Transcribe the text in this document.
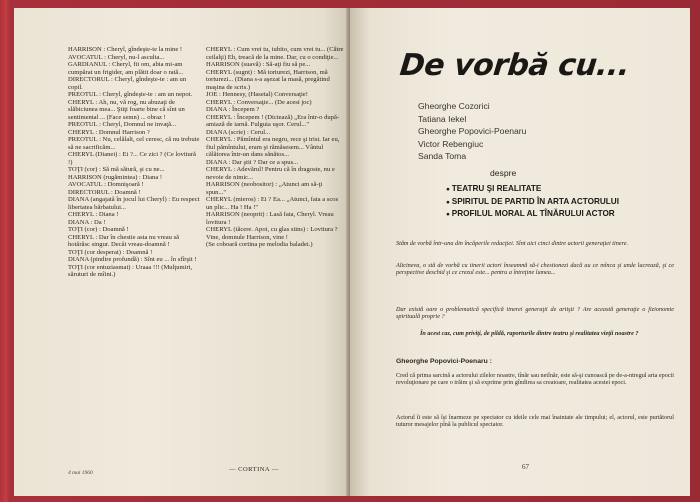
HARRISON : Cheryl, gîndeşte-te la mine !

AVOCATUL : Cheryl, nu-l asculta...

GARDIANUL : Cheryl, fii om, abia mi-am cumpărat un frigider, am plătit doar o rată...

DIRECTORUL : Cheryl, gîndeşte-te : am un copil.

PREOTUL : Cheryl, gîndeşte-te : am un nepot.

CHERYL : Ah, nu, vă rog, nu abuzaţi de slăbiciunea mea... Ştiţi foarte bine că sînt un sentimental ... (Face semn) ... obraz !

PREOTUL : Cheryl, Domnul ne invaţă...

CHERYL : Domnul Harrison ?

PREOTUL : Nu, celălalt, cel ceresc, că nu trebuie să ne sacrificăm...

CHERYL (Dianei) : Ei ?... Ce zici ? (Ce lovitură !)

TOŢI (cor) : Să mă sătură, şi cu ne...

HARRISON (rugămintea) : Diana !

AVOCATUL : Domnişoară !

DIRECTORUL : Doamnă !

DIANA (angajată în jocul lui Cheryl) : Eu respect libertatea bărbatului...

CHERYL : Diana !

DIANA : Da !

TOŢI (cor) : Doamnă !

CHERYL : Dar în chestie asta nu vreau să hotărăsc singur. Decât vreau-doamnă !

TOŢI (cor desperat) : Doamnă !

DIANA (pindire profundă) : Sînt eu ... în sfîrşit !

TOŢI (cor entuziasmat) : Uraaa !!! (Mulţumiri, săruturi de mîini.)

CHERYL : Cum vrei tu, iubito, cum vrei tu... (Către ceilalţi) Eh, treacă de la mine. Dar, cu o condiţie...

HARRISON (suavă) : Să-aţi fiu să pe...

CHERYL (sugnt) : Mă torturezi, Harrison, mă torturezi... (Diana s-a aşezat la masă, pregătind maşina de scris.)

JOE : Hennesy, (Hasetal) Conversaţie!

CHERYL : Conversaţie... (De acest joc)

DIANA : Începem ?

CHERYL : Începem ! (Dictează) „Era într-o după-amiază de iarnă. Fulguia uşor. Cerul..."

DIANA (scrie) : Cerul...

CHERYL : Pămîntul era negru, rece şi trist. Iar eu, fiul pămîntului, eram şi rămăsesem... Vântul călătorea într-un dans sănătos...

DIANA : Dar ştii ? Dar ce a spus...

CHERYL : Adevărul! Pentru că în dragoste, nu e nevoie de nimic...

HARRISON (neobositor) : „Atunci am să-ţi spun..."

CHERYL (mieros) : Ei ? Ea... „Atunci, fata a scos un plic... Ha ! Ha !"

HARRISON (neoprit) : Lasă fata, Cheryl. Vreau lovitura !

CHERYL (tăcere. Apoi, cu glas stins) : Lovitura ? Vine, domnule Harrison, vine !

(Se coboară cortina pe melodia baladei.)

4 mai 1960	— CORTINA —
De vorbă cu...
Gheorghe Cozorici
Tatiana Iekel
Gheorghe Popovici-Poenaru
Victor Rebengiuc
Sanda Toma
despre
● TEATRU ŞI REALITATE
● SPIRITUL DE PARTID ÎN ARTA ACTORULUI
● PROFILUL MORAL AL TÎNĂRULUI ACTOR
Stăm de vorbă într-una din încăperile redacţiei. Sînt aici cinci dintre actorii generaţiei tinere.
Altcineva, o stă de vorbă cu tinerii actori înseamnă să-i chestionezi dacă au ce mînca şi unde lucrează, şi ce perspective deschid şi ce crezul este... pentru a întreţine lumea...
Dar există oare o problematică specifică tinerei generaţii de artişti ? Are această generaţie o fizionomie spirituală proprie ?
În acest caz, cum priviţi, de pildă, raporturile dintre teatru şi realitatea vieţii noastre ?
Gheorghe Popovici-Poenaru :
Cred că prima sarcină a actorului zilelor noastre, tînăr sau netînăr, este să-şi cunoască pe de-a-ntregul arta epocii revoluţionare pe care o trăim şi să exprime prin gîndirea sa creatoare, realitatea acestei epoci.
Actorul îi este să îşi înarmeze pe spectator cu ideile cele mai înaintate ale timpului; el, actorul, este purtătorul tuturor mesajelor pînă la publicul spectator.
67
